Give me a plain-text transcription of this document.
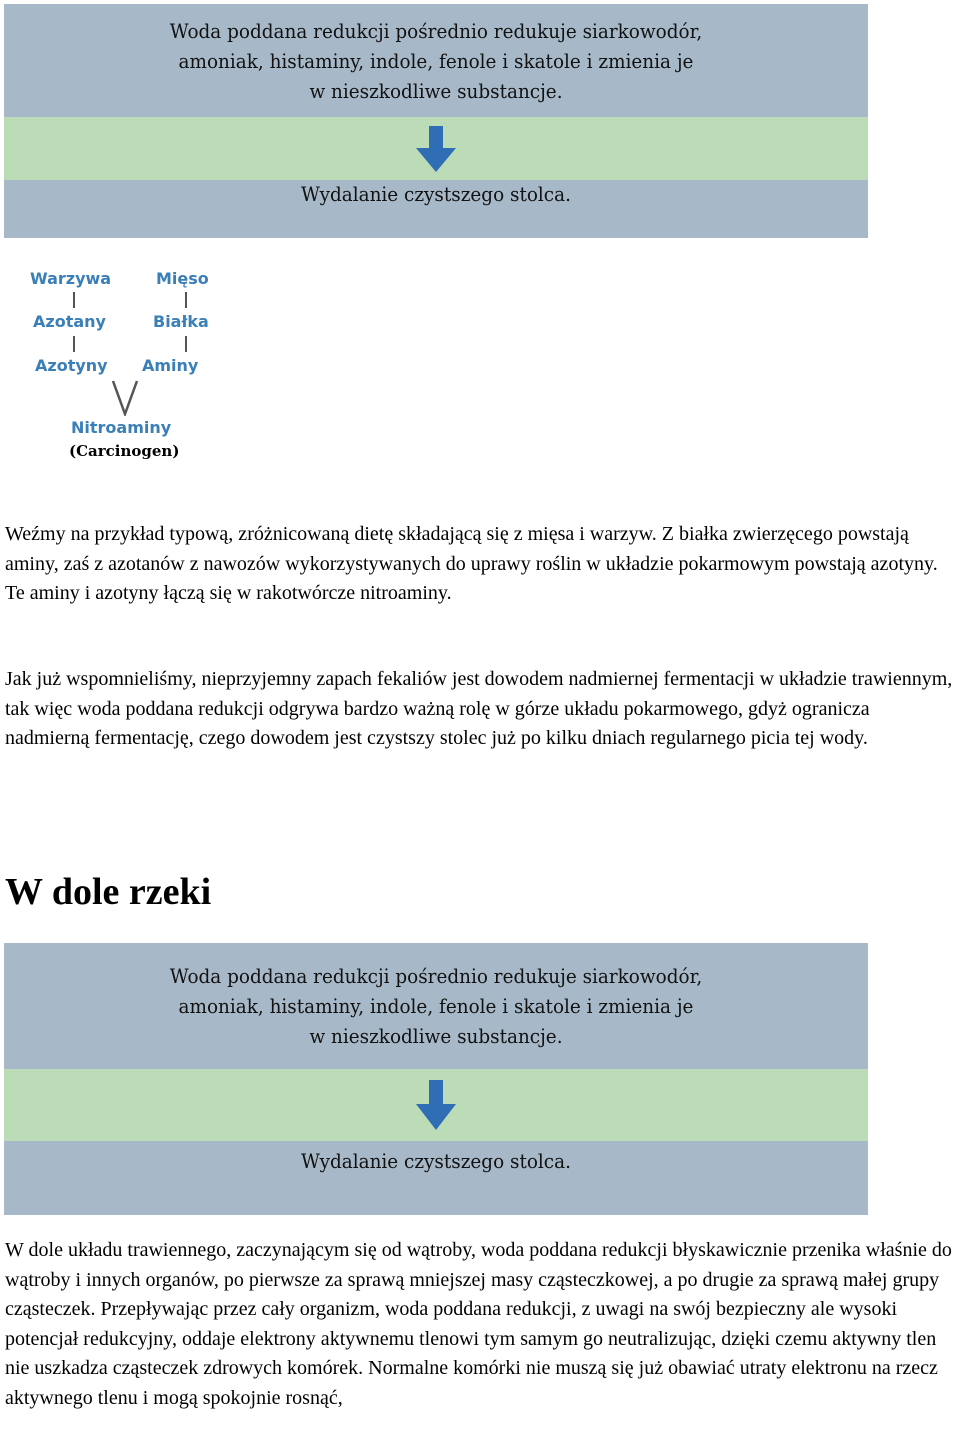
Woda poddana redukcji pośrednio redukuje siarkowodór,
amoniak, histaminy, indole, fenole i skatole i zmienia je
w nieszkodliwe substancje.
Wydalanie czystszego stolca.
Warzywa	Mięso
Azotany	Białka
Azotyny Aminy
Nitroaminy
(Carcinogen)

Weźmy na przykład typową, zróżnicowaną dietę składającą się z mięsa i warzyw. Z białka zwierzęcego powstają aminy, zaś z azotanów z nawozów wykorzystywanych do uprawy roślin w układzie pokarmowym powstają azotyny. Te aminy i azotyny łączą się w rakotwórcze nitroaminy.

Jak już wspomnieliśmy, nieprzyjemny zapach fekaliów jest dowodem nadmiernej fermentacji w układzie trawiennym, tak więc woda poddana redukcji odgrywa bardzo ważną rolę w górze układu pokarmowego, gdyż ogranicza nadmierną fermentację, czego dowodem jest czystszy stolec już po kilku dniach regularnego picia tej wody.

W dole rzeki
Woda poddana redukcji pośrednio redukuje siarkowodór,
amoniak, histaminy, indole, fenole i skatole i zmienia je
w nieszkodliwe substancje.
Wydalanie czystszego stolca.

W dole układu trawiennego, zaczynającym się od wątroby, woda poddana redukcji błyskawicznie przenika właśnie do wątroby i innych organów, po pierwsze za sprawą mniejszej masy cząsteczkowej, a po drugie za sprawą małej grupy cząsteczek. Przepływając przez cały organizm, woda poddana redukcji, z uwagi na swój bezpieczny ale wysoki potencjał redukcyjny, oddaje elektrony aktywnemu tlenowi tym samym go neutralizując, dzięki czemu aktywny tlen nie uszkadza cząsteczek zdrowych komórek. Normalne komórki nie muszą się już obawiać utraty elektronu na rzecz aktywnego tlenu i mogą spokojnie rosnąć,
